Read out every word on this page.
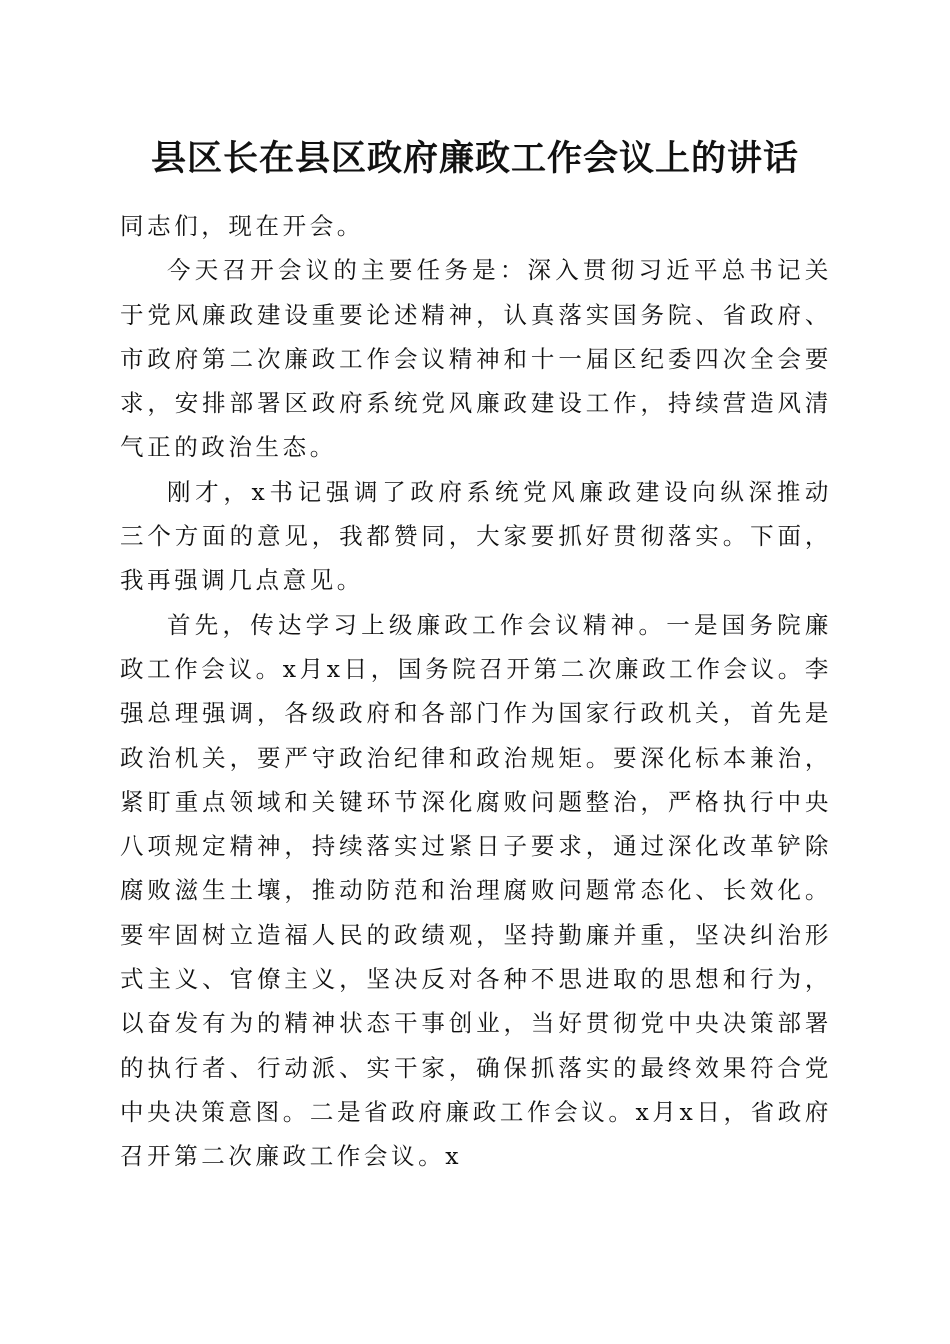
县区长在县区政府廉政工作会议上的讲话

同志们，现在开会。

今天召开会议的主要任务是：深入贯彻习近平总书记关于党风廉政建设重要论述精神，认真落实国务院、省政府、市政府第二次廉政工作会议精神和十一届区纪委四次全会要求，安排部署区政府系统党风廉政建设工作，持续营造风清气正的政治生态。

刚才，x书记强调了政府系统党风廉政建设向纵深推动三个方面的意见，我都赞同，大家要抓好贯彻落实。下面，我再强调几点意见。

首先，传达学习上级廉政工作会议精神。一是国务院廉政工作会议。x月x日，国务院召开第二次廉政工作会议。李强总理强调，各级政府和各部门作为国家行政机关，首先是政治机关，要严守政治纪律和政治规矩。要深化标本兼治，紧盯重点领域和关键环节深化腐败问题整治，严格执行中央八项规定精神，持续落实过紧日子要求，通过深化改革铲除腐败滋生土壤，推动防范和治理腐败问题常态化、长效化。要牢固树立造福人民的政绩观，坚持勤廉并重，坚决纠治形式主义、官僚主义，坚决反对各种不思进取的思想和行为，以奋发有为的精神状态干事创业，当好贯彻党中央决策部署的执行者、行动派、实干家，确保抓落实的最终效果符合党中央决策意图。二是省政府廉政工作会议。x月x日，省政府召开第二次廉政工作会议。x
